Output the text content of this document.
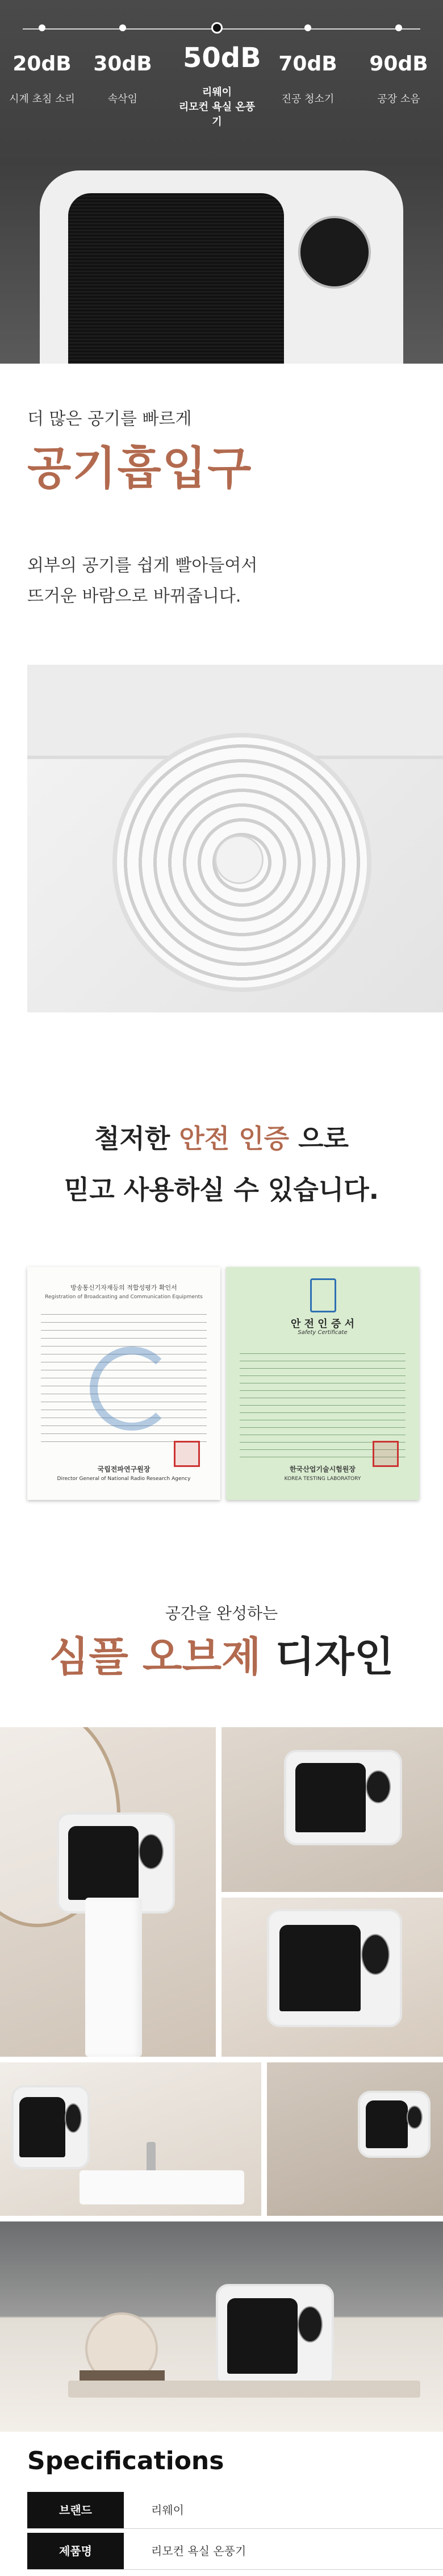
20dB 30dB 50dB 70dB 90dB
시계 초침 소리	속삭임
리웨이
리모컨 욕실 온풍기
진공 청소기	공장 소음
더 많은 공기를 빠르게
공기흡입구
외부의 공기를 쉽게 빨아들여서
뜨거운 바람으로 바뀌줍니다.
철저한 안전 인증 으로
믿고 사용하실 수 있습니다.
방송통신기자재등의 적합성평가 확인서
Registration of Broadcasting and Communication Equipments
국립전파연구원장
Director General of National Radio Research Agency
안 전 인 증 서
Safety Certificate
한국산업기술시험원장
KOREA TESTING LABORATORY
공간을 완성하는
심플 오브제 디자인
Specifications
브랜드	리웨이
제품명	리모컨 욕실 온풍기
